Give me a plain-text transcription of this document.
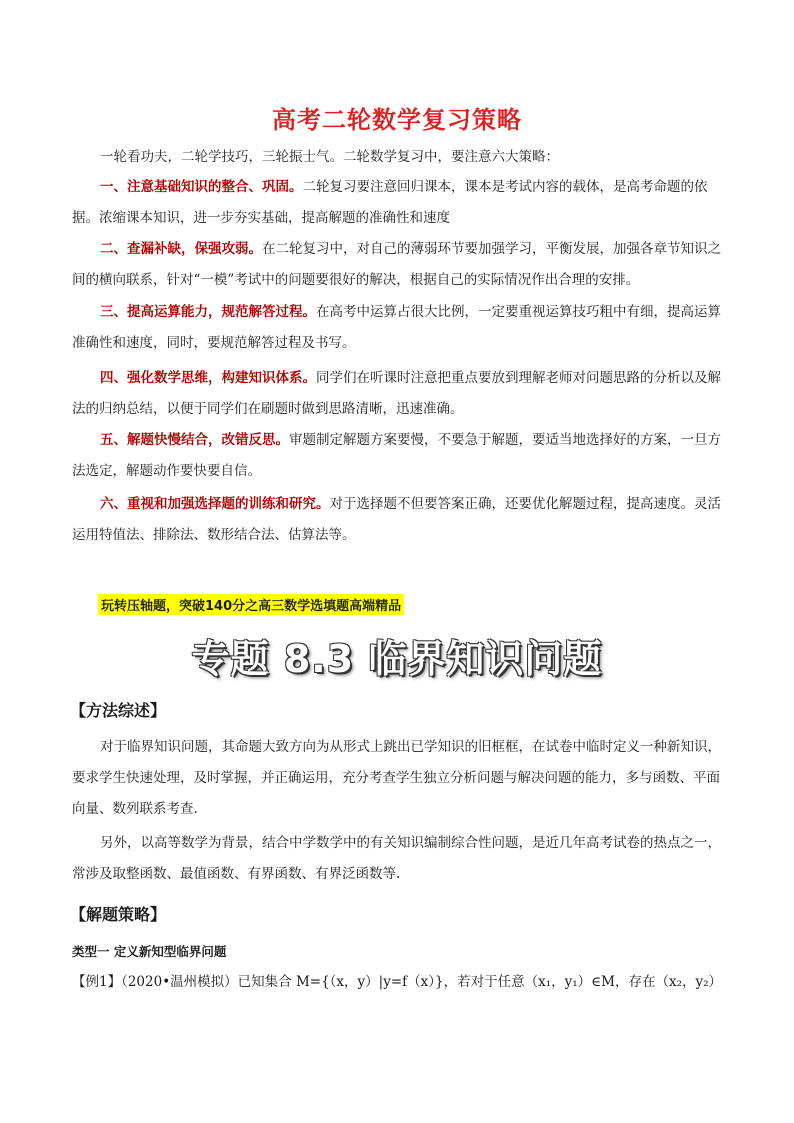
高考二轮数学复习策略
一轮看功夫，二轮学技巧，三轮振士气。二轮数学复习中，要注意六大策略：
一、注意基础知识的整合、巩固。二轮复习要注意回归课本，课本是考试内容的载体，是高考命题的依据。浓缩课本知识，进一步夯实基础，提高解题的准确性和速度
二、查漏补缺，保强攻弱。在二轮复习中，对自己的薄弱环节要加强学习，平衡发展，加强各章节知识之间的横向联系，针对“一模”考试中的问题要很好的解决，根据自己的实际情况作出合理的安排。
三、提高运算能力，规范解答过程。在高考中运算占很大比例，一定要重视运算技巧粗中有细，提高运算准确性和速度，同时，要规范解答过程及书写。
四、强化数学思维，构建知识体系。同学们在听课时注意把重点要放到理解老师对问题思路的分析以及解法的归纳总结，以便于同学们在刷题时做到思路清晰，迅速准确。
五、解题快慢结合，改错反思。审题制定解题方案要慢，不要急于解题，要适当地选择好的方案，一旦方法选定，解题动作要快要自信。
六、重视和加强选择题的训练和研究。对于选择题不但要答案正确，还要优化解题过程，提高速度。灵活运用特值法、排除法、数形结合法、估算法等。
玩转压轴题，突破140分之高三数学选填题高端精品
专题 8.3 临界知识问题
【方法综述】
对于临界知识问题，其命题大致方向为从形式上跳出已学知识的旧框框，在试卷中临时定义一种新知识，要求学生快速处理，及时掌握，并正确运用，充分考查学生独立分析问题与解决问题的能力，多与函数、平面向量、数列联系考查.
另外，以高等数学为背景，结合中学数学中的有关知识编制综合性问题，是近几年高考试卷的热点之一，常涉及取整函数、最值函数、有界函数、有界泛函数等.
【解题策略】
类型一 定义新知型临界问题
【例1】（2020•温州模拟）已知集合 M={（x，y）|y=f（x）}，若对于任意（x₁，y₁）∈M，存在（x₂，y₂）
